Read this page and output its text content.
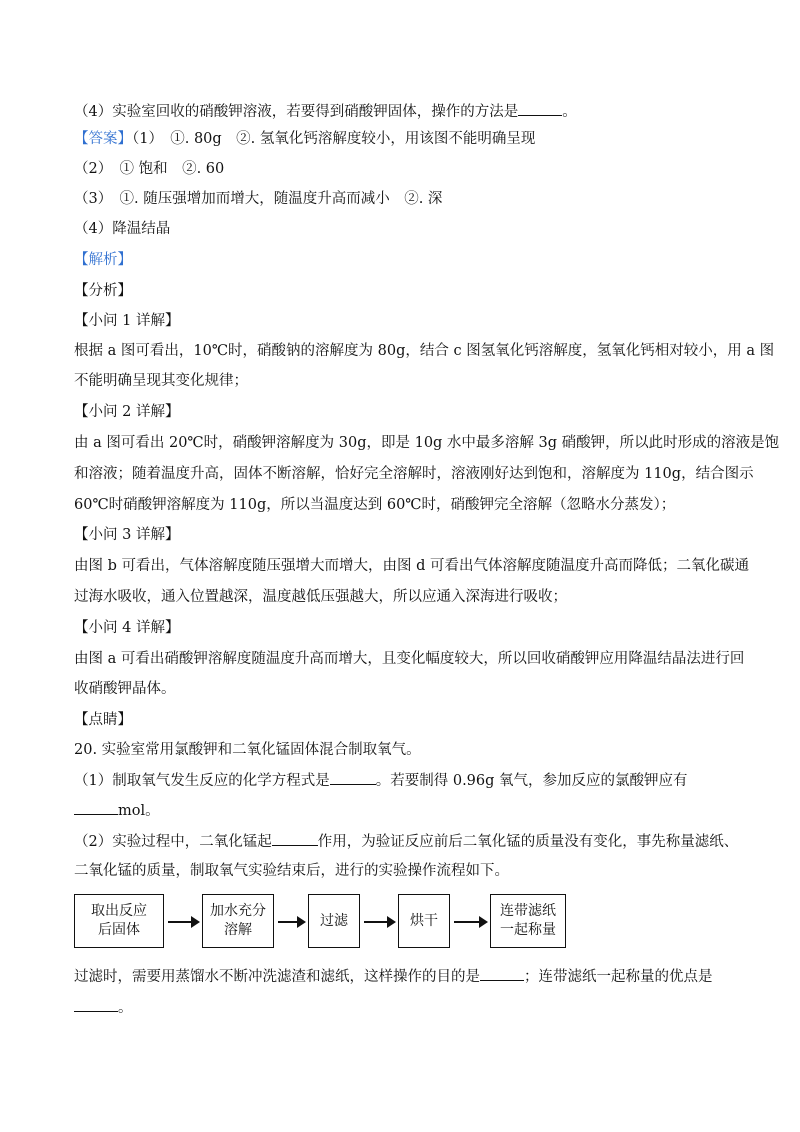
（4）实验室回收的硝酸钾溶液，若要得到硝酸钾固体，操作的方法是	。
【答案】（1）　①. 80g　②. 氢氧化钙溶解度较小，用该图不能明确呈现
（2）　① 饱和　②. 60
（3）　①. 随压强增加而增大，随温度升高而减小　②. 深
（4）降温结晶
【解析】
【分析】
【小问 1 详解】
根据 a 图可看出，10℃时，硝酸钠的溶解度为 80g，结合 c 图氢氧化钙溶解度，氢氧化钙相对较小，用 a 图
不能明确呈现其变化规律；
【小问 2 详解】
由 a 图可看出 20℃时，硝酸钾溶解度为 30g，即是 10g 水中最多溶解 3g 硝酸钾，所以此时形成的溶液是饱
和溶液；随着温度升高，固体不断溶解，恰好完全溶解时，溶液刚好达到饱和，溶解度为 110g，结合图示
60℃时硝酸钾溶解度为 110g，所以当温度达到 60℃时，硝酸钾完全溶解（忽略水分蒸发）；
【小问 3 详解】
由图 b 可看出，气体溶解度随压强增大而增大，由图 d 可看出气体溶解度随温度升高而降低；二氧化碳通
过海水吸收，通入位置越深，温度越低压强越大，所以应通入深海进行吸收；
【小问 4 详解】
由图 a 可看出硝酸钾溶解度随温度升高而增大，且变化幅度较大，所以回收硝酸钾应用降温结晶法进行回
收硝酸钾晶体。
【点睛】
20. 实验室常用氯酸钾和二氧化锰固体混合制取氧气。
（1）制取氧气发生反应的化学方程式是	。若要制得 0.96g 氧气，参加反应的氯酸钾应有
mol。
（2）实验过程中，二氧化锰起	作用，为验证反应前后二氧化锰的质量没有变化，事先称量滤纸、
二氧化锰的质量，制取氧气实验结束后，进行的实验操作流程如下。
取出反应
后固体
加水充分
溶解
过滤	烘干
连带滤纸
一起称量
过滤时，需要用蒸馏水不断冲洗滤渣和滤纸，这样操作的目的是	；连带滤纸一起称量的优点是
。
